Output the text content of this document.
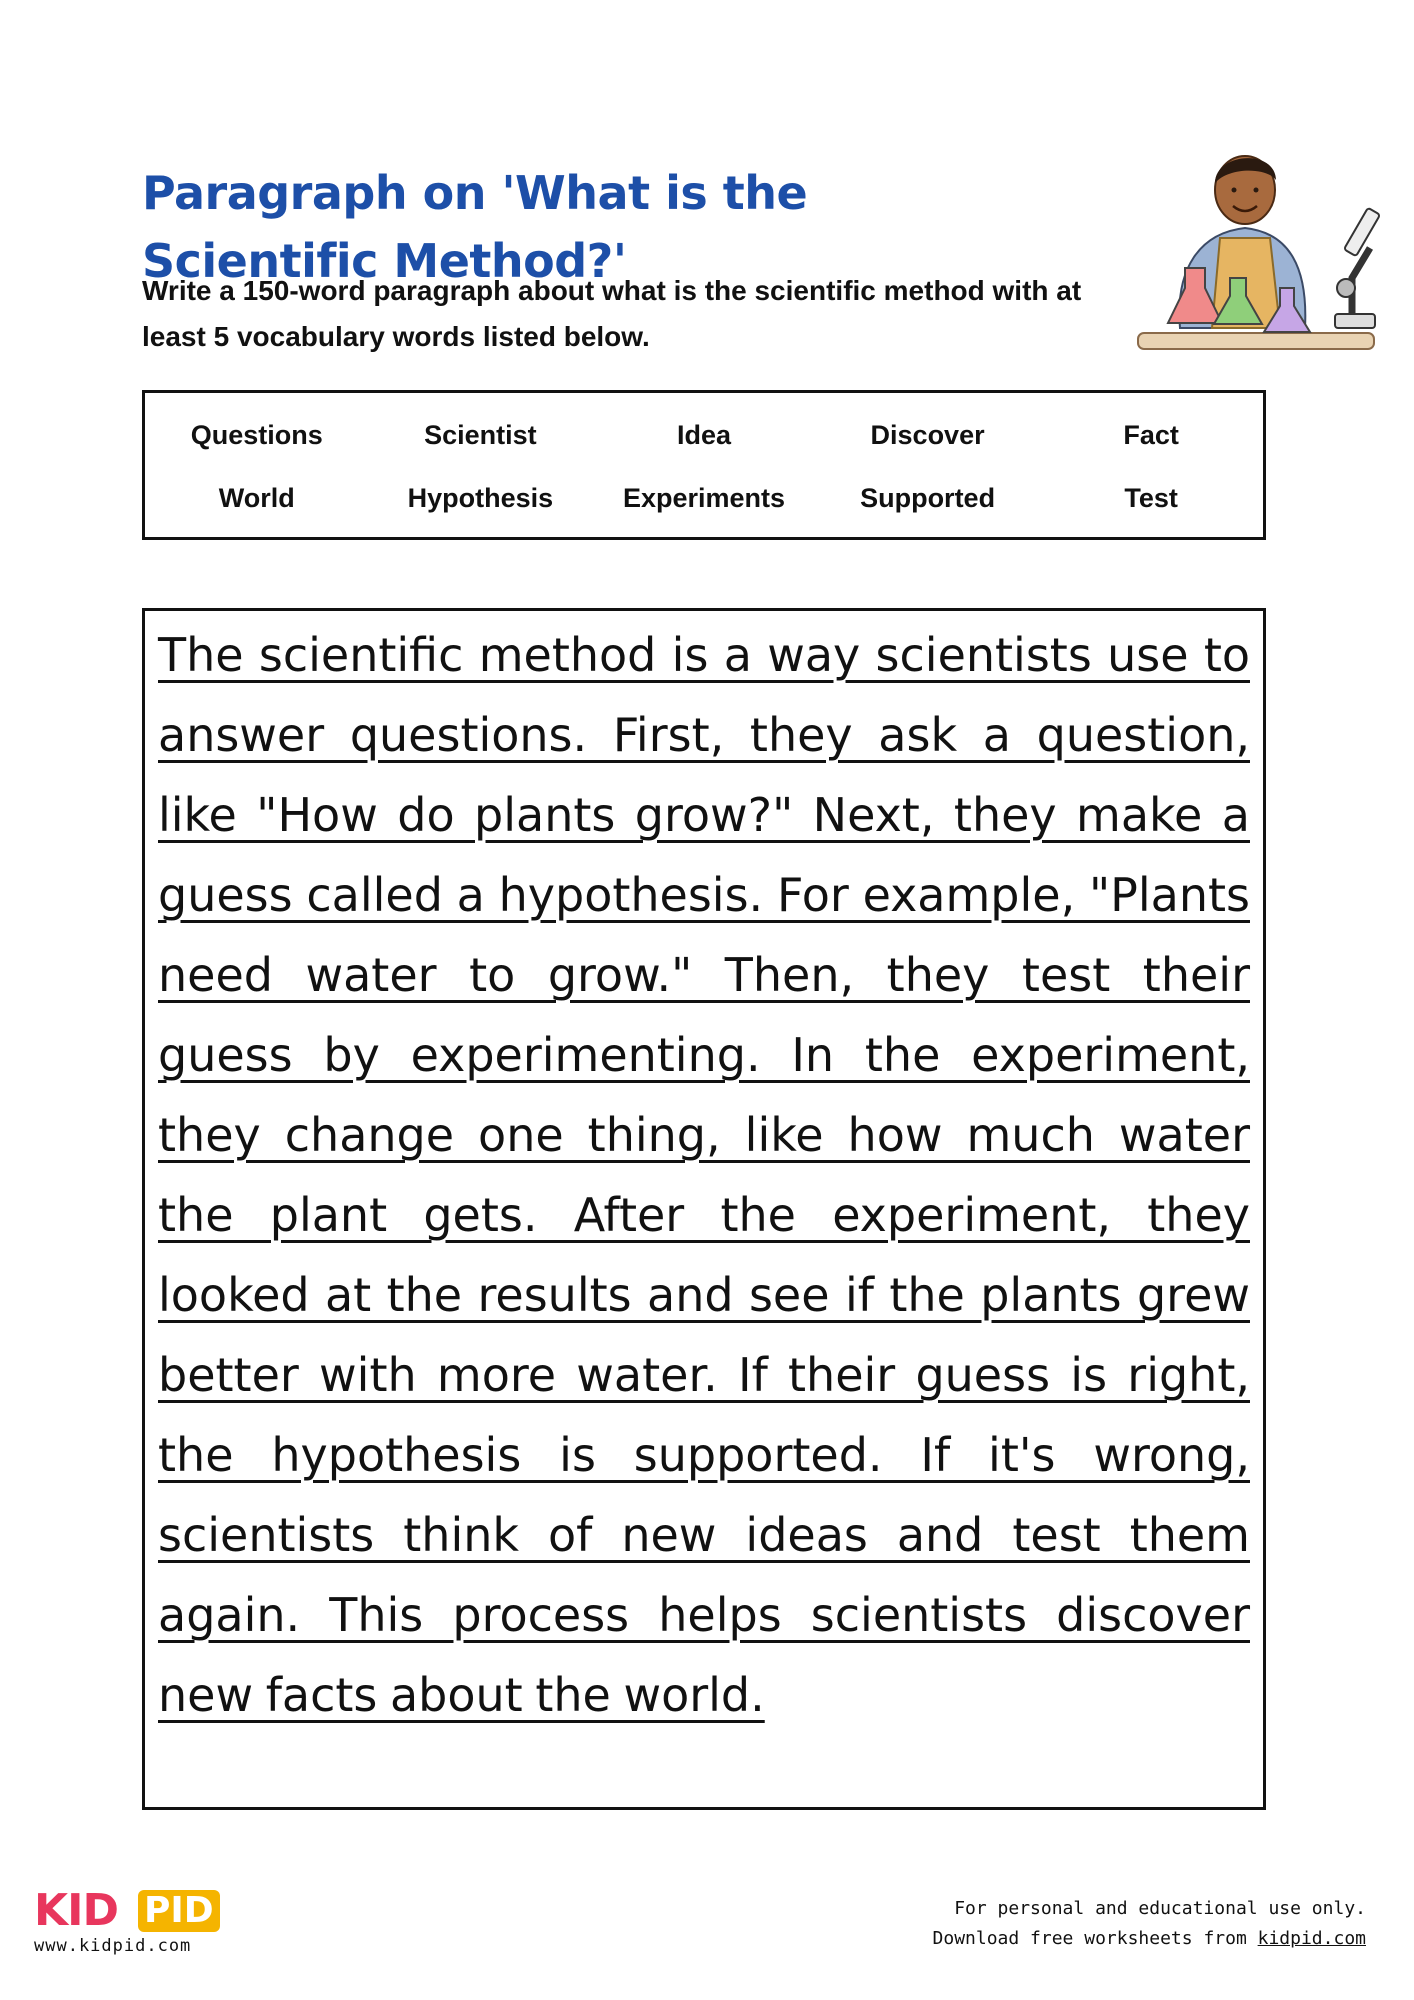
Paragraph on 'What is the Scientific Method?'
Write a 150-word paragraph about what is the scientific method with at least 5 vocabulary words listed below.
Questions	Scientist	Idea	Discover	Fact
World	Hypothesis	Experiments	Supported	Test
The scientific method is a way scientists use to answer questions. First, they ask a question, like "How do plants grow?" Next, they make a guess called a hypothesis. For example, "Plants need water to grow." Then, they test their guess by experimenting. In the experiment, they change one thing, like how much water the plant gets. After the experiment, they looked at the results and see if the plants grew better with more water. If their guess is right, the hypothesis is supported. If it's wrong, scientists think of new ideas and test them again. This process helps scientists discover new facts about the world.
KID PID
www.kidpid.com
For personal and educational use only.
Download free worksheets from kidpid.com
